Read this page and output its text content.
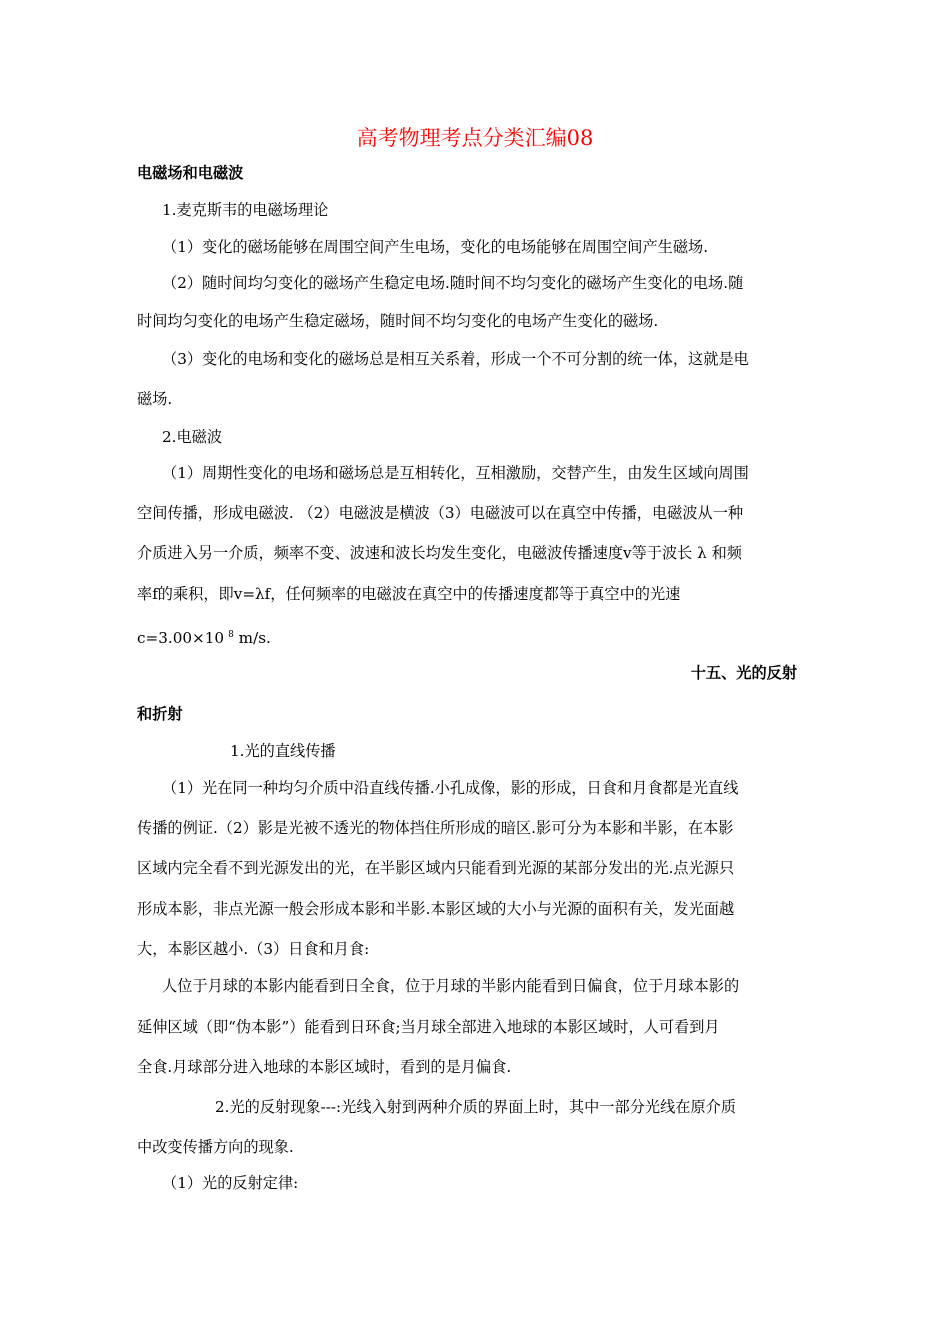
高考物理考点分类汇编08

电磁场和电磁波

1.麦克斯韦的电磁场理论

（1）变化的磁场能够在周围空间产生电场，变化的电场能够在周围空间产生磁场.

（2）随时间均匀变化的磁场产生稳定电场.随时间不均匀变化的磁场产生变化的电场.随

时间均匀变化的电场产生稳定磁场，随时间不均匀变化的电场产生变化的磁场.

（3）变化的电场和变化的磁场总是相互关系着，形成一个不可分割的统一体，这就是电

磁场.

2.电磁波

（1）周期性变化的电场和磁场总是互相转化，互相激励，交替产生，由发生区域向周围

空间传播，形成电磁波. （2）电磁波是横波（3）电磁波可以在真空中传播，电磁波从一种

介质进入另一介质，频率不变、波速和波长均发生变化，电磁波传播速度v等于波长 λ 和频

率f的乘积，即v=λf，任何频率的电磁波在真空中的传播速度都等于真空中的光速

c=3.00×10 $^8$ m/s.

十五、光的反射

和折射

1.光的直线传播

（1）光在同一种均匀介质中沿直线传播.小孔成像，影的形成，日食和月食都是光直线

传播的例证.（2）影是光被不透光的物体挡住所形成的暗区.影可分为本影和半影，在本影

区域内完全看不到光源发出的光，在半影区域内只能看到光源的某部分发出的光.点光源只

形成本影，非点光源一般会形成本影和半影.本影区域的大小与光源的面积有关，发光面越

大，本影区越小.（3）日食和月食:

人位于月球的本影内能看到日全食，位于月球的半影内能看到日偏食，位于月球本影的

延伸区域（即“伪本影”）能看到日环食;当月球全部进入地球的本影区域时，人可看到月

全食.月球部分进入地球的本影区域时，看到的是月偏食.

2.光的反射现象---:光线入射到两种介质的界面上时，其中一部分光线在原介质

中改变传播方向的现象.

（1）光的反射定律:
